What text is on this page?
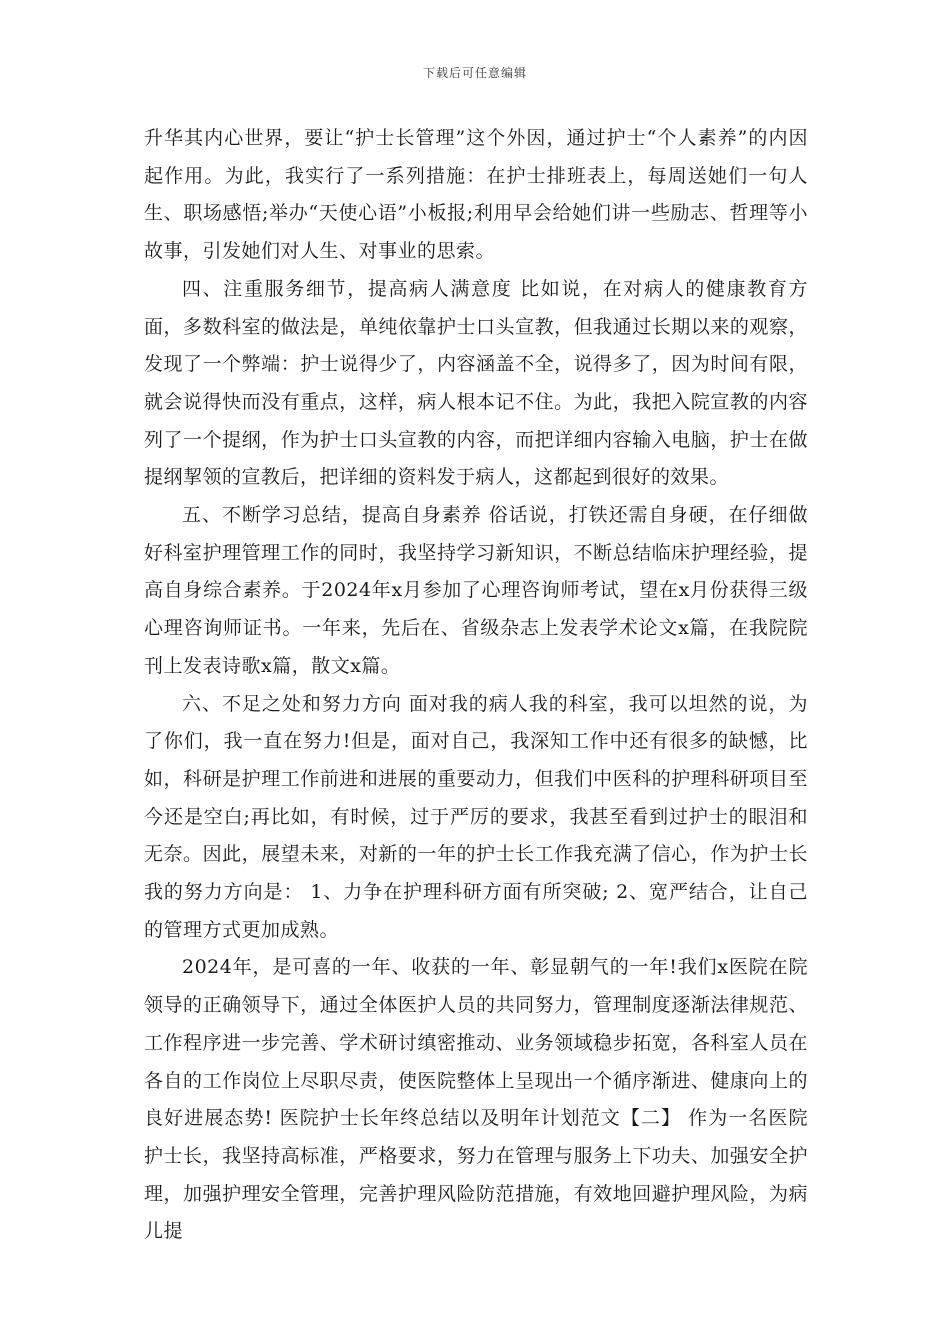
下载后可任意编辑

升华其内心世界，要让“护士长管理”这个外因，通过护士“个人素养”的内因起作用。为此，我实行了一系列措施：在护士排班表上，每周送她们一句人生、职场感悟;举办“天使心语”小板报;利用早会给她们讲一些励志、哲理等小故事，引发她们对人生、对事业的思索。

四、注重服务细节，提高病人满意度 比如说，在对病人的健康教育方面，多数科室的做法是，单纯依靠护士口头宣教，但我通过长期以来的观察，发现了一个弊端：护士说得少了，内容涵盖不全，说得多了，因为时间有限，就会说得快而没有重点，这样，病人根本记不住。为此，我把入院宣教的内容列了一个提纲，作为护士口头宣教的内容，而把详细内容输入电脑，护士在做提纲挈领的宣教后，把详细的资料发于病人，这都起到很好的效果。

五、不断学习总结，提高自身素养 俗话说，打铁还需自身硬，在仔细做好科室护理管理工作的同时，我坚持学习新知识，不断总结临床护理经验，提高自身综合素养。于2024年x月参加了心理咨询师考试，望在x月份获得三级心理咨询师证书。一年来，先后在、省级杂志上发表学术论文x篇，在我院院刊上发表诗歌x篇，散文x篇。

六、不足之处和努力方向 面对我的病人我的科室，我可以坦然的说，为了你们，我一直在努力!但是，面对自己，我深知工作中还有很多的缺憾，比如，科研是护理工作前进和进展的重要动力，但我们中医科的护理科研项目至今还是空白;再比如，有时候，过于严厉的要求，我甚至看到过护士的眼泪和无奈。因此，展望未来，对新的一年的护士长工作我充满了信心，作为护士长我的努力方向是： 1、力争在护理科研方面有所突破; 2、宽严结合，让自己的管理方式更加成熟。

2024年，是可喜的一年、收获的一年、彰显朝气的一年!我们x医院在院领导的正确领导下，通过全体医护人员的共同努力，管理制度逐渐法律规范、工作程序进一步完善、学术研讨缜密推动、业务领域稳步拓宽，各科室人员在各自的工作岗位上尽职尽责，使医院整体上呈现出一个循序渐进、健康向上的良好进展态势! 医院护士长年终总结以及明年计划范文【二】 作为一名医院护士长，我坚持高标准，严格要求，努力在管理与服务上下功夫、加强安全护理，加强护理安全管理，完善护理风险防范措施，有效地回避护理风险，为病儿提
